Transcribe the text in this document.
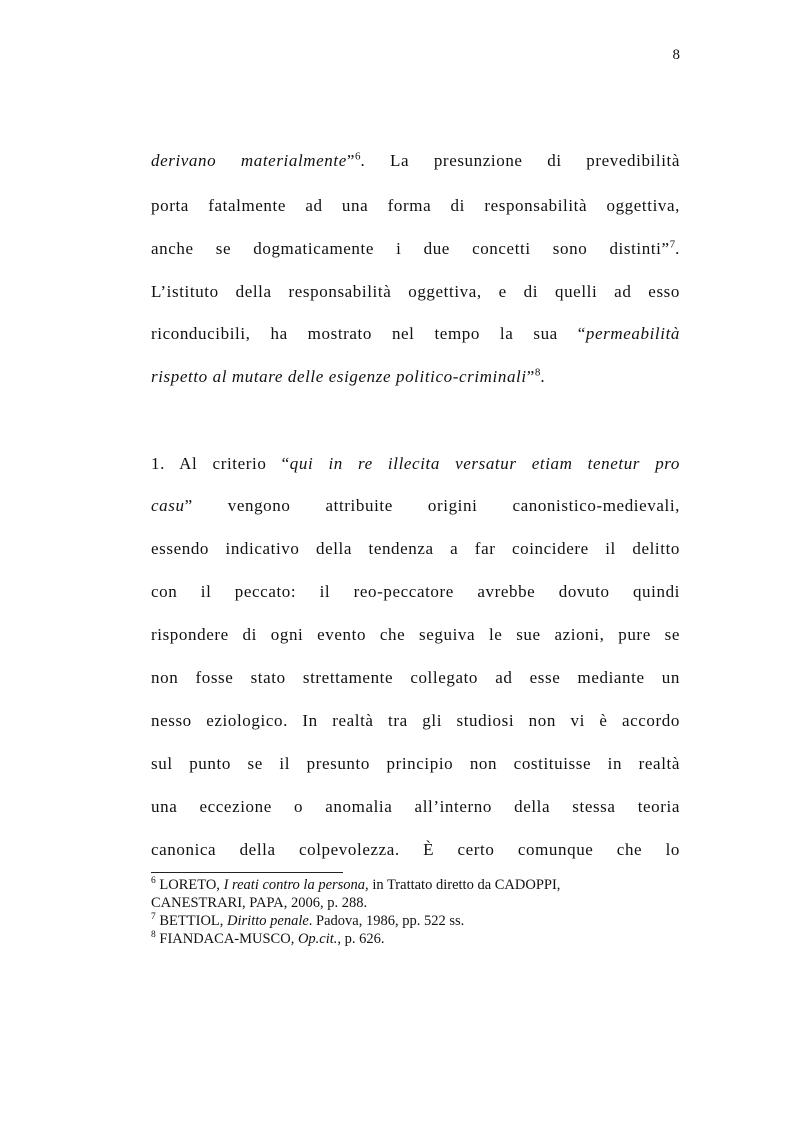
8
derivano materialmente”$^6$. La presunzione di prevedibilità
porta fatalmente ad una forma di responsabilità oggettiva,
anche se dogmaticamente i due concetti sono distinti”$^7$.
L’istituto della responsabilità oggettiva, e di quelli ad esso
riconducibili, ha mostrato nel tempo la sua “permeabilità
rispetto al mutare delle esigenze politico-criminali”$^8$.
1. Al criterio “qui in re illecita versatur etiam tenetur pro
casu” vengono attribuite origini canonistico-medievali,
essendo indicativo della tendenza a far coincidere il delitto
con il peccato: il reo-peccatore avrebbe dovuto quindi
rispondere di ogni evento che seguiva le sue azioni, pure se
non fosse stato strettamente collegato ad esse mediante un
nesso eziologico. In realtà tra gli studiosi non vi è accordo
sul punto se il presunto principio non costituisse in realtà
una eccezione o anomalia all’interno della stessa teoria
canonica della colpevolezza. È certo comunque che lo

$^6$ LORETO, I reati contro la persona, in Trattato diretto da CADOPPI,
CANESTRARI, PAPA, 2006, p. 288.

$^7$ BETTIOL, Diritto penale. Padova, 1986, pp. 522 ss.

$^8$ FIANDACA-MUSCO, Op.cit., p. 626.
